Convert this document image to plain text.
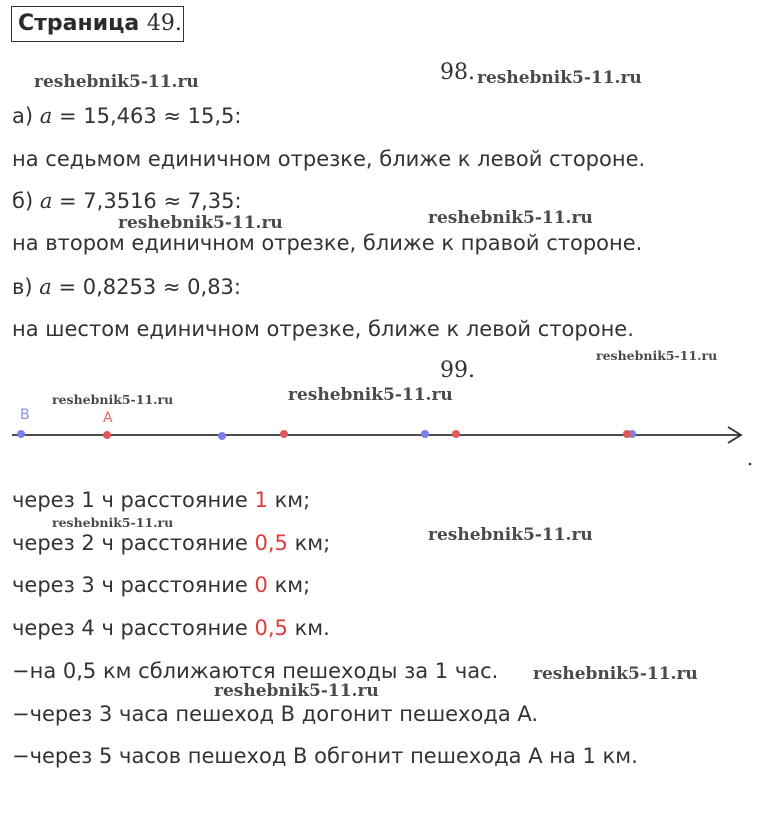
Страница 49.
reshebnik5-11.ru	98. reshebnik5-11.ru
а) a = 15,463 ≈ 15,5:
на седьмом единичном отрезке, ближе к левой стороне.
б) a = 7,3516 ≈ 7,35:
reshebnik5-11.ru	reshebnik5-11.ru
на втором единичном отрезке, ближе к правой стороне.
в) a = 0,8253 ≈ 0,83:
на шестом единичном отрезке, ближе к левой стороне.
reshebnik5-11.ru
99.
reshebnik5-11.ru	reshebnik5-11.ru
B	A
через 1 ч расстояние 1 км;
reshebnik5-11.ru
через 2 ч расстояние 0,5 км;	reshebnik5-11.ru
через 3 ч расстояние 0 км;
через 4 ч расстояние 0,5 км.
−на 0,5 км сближаются пешеходы за 1 час. reshebnik5-11.ru
reshebnik5-11.ru
−через 3 часа пешеход B догонит пешехода A.
−через 5 часов пешеход B обгонит пешехода A на 1 км.
